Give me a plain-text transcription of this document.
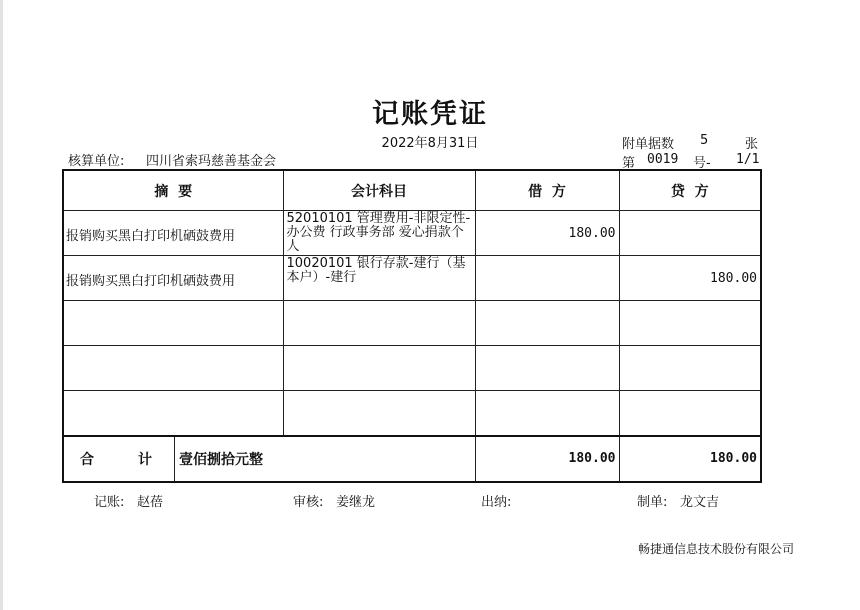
记账凭证
2022年8月31日
核算单位: 四川省索玛慈善基金会
附单据数 5	张
第 0019 号- 1/1
摘  要	会计科目	借  方	贷  方
报销购买黑白打印机硒鼓费用	52010101 管理费用-非限定性-办公费 行政事务部 爱心捐款个人	180.00	
报销购买黑白打印机硒鼓费用	10020101 银行存款-建行（基本户）-建行		180.00

合 计 壹佰捌拾元整		180.00	180.00
记账: 赵蓓	审核: 姜继龙	出纳:	制单: 龙文吉
畅捷通信息技术股份有限公司
